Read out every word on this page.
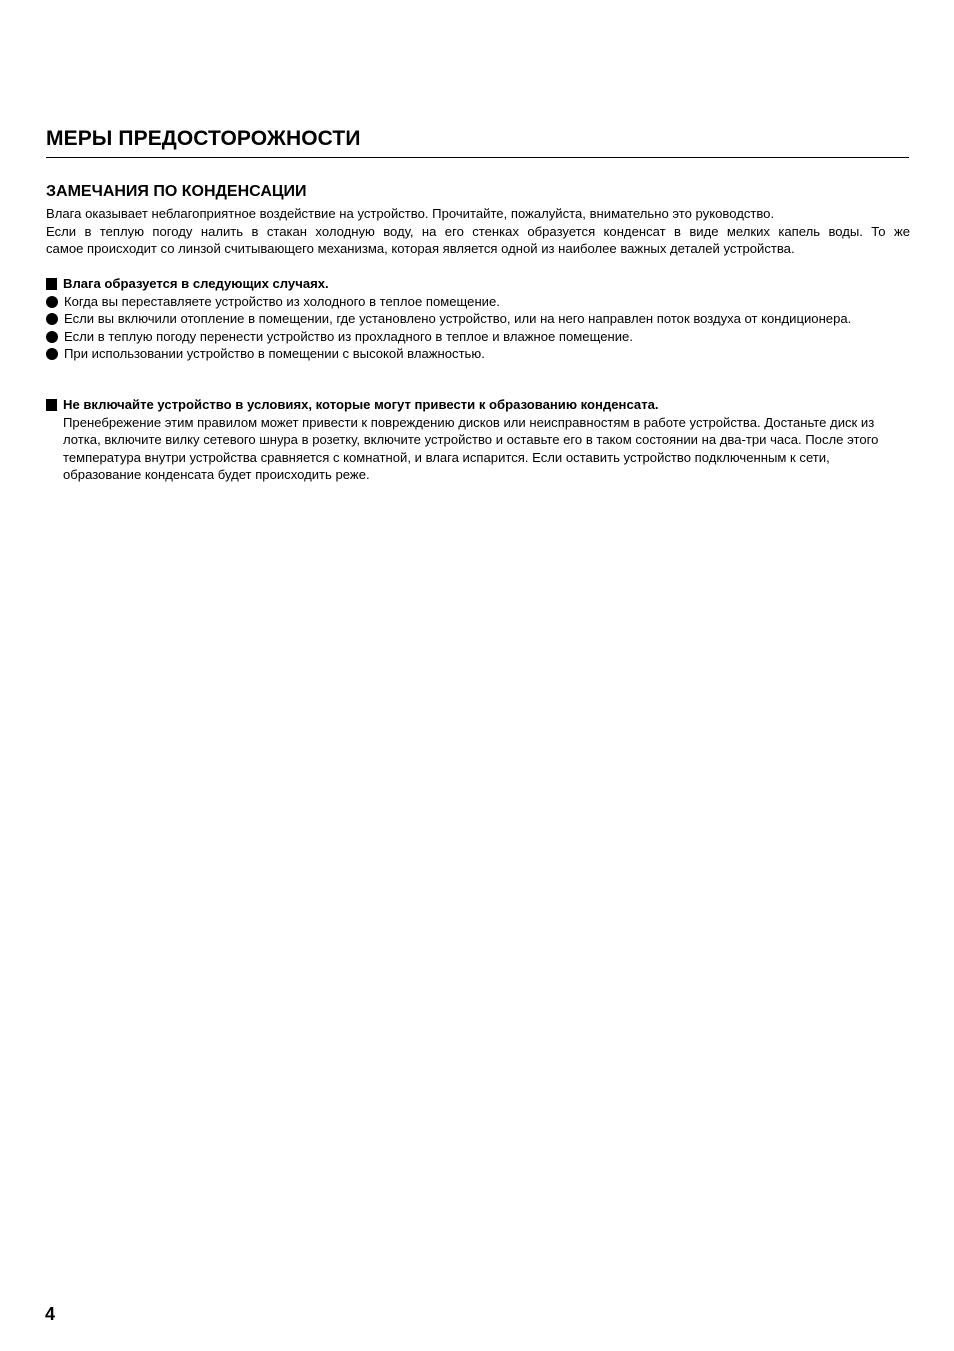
МЕРЫ ПРЕДОСТОРОЖНОСТИ
ЗАМЕЧАНИЯ ПО КОНДЕНСАЦИИ

Влага оказывает неблагоприятное воздействие на устройство. Прочитайте, пожалуйста, внимательно это руководство.

Если в теплую погоду налить в стакан холодную воду, на его стенках образуется конденсат в виде мелких капель воды. То же

самое происходит со линзой считывающего механизма, которая является одной из наиболее важных деталей устройства.

Влага образуется в следующих случаях.
Когда вы переставляете устройство из холодного в теплое помещение.
Если вы включили отопление в помещении, где установлено устройство, или на него направлен поток воздуха от кондиционера.
Если в теплую погоду перенести устройство из прохладного в теплое и влажное помещение.
При использовании устройство в помещении с высокой влажностью.
Не включайте устройство в условиях, которые могут привести к образованию конденсата.

Пренебрежение этим правилом может привести к повреждению дисков или неисправностям в работе устройства. Достаньте диск из лотка, включите вилку сетевого шнура в розетку, включите устройство и оставьте его в таком состоянии на два-три часа. После этого температура внутри устройства сравняется с комнатной, и влага испарится. Если оставить устройство подключенным к сети, образование конденсата будет происходить реже.

4
